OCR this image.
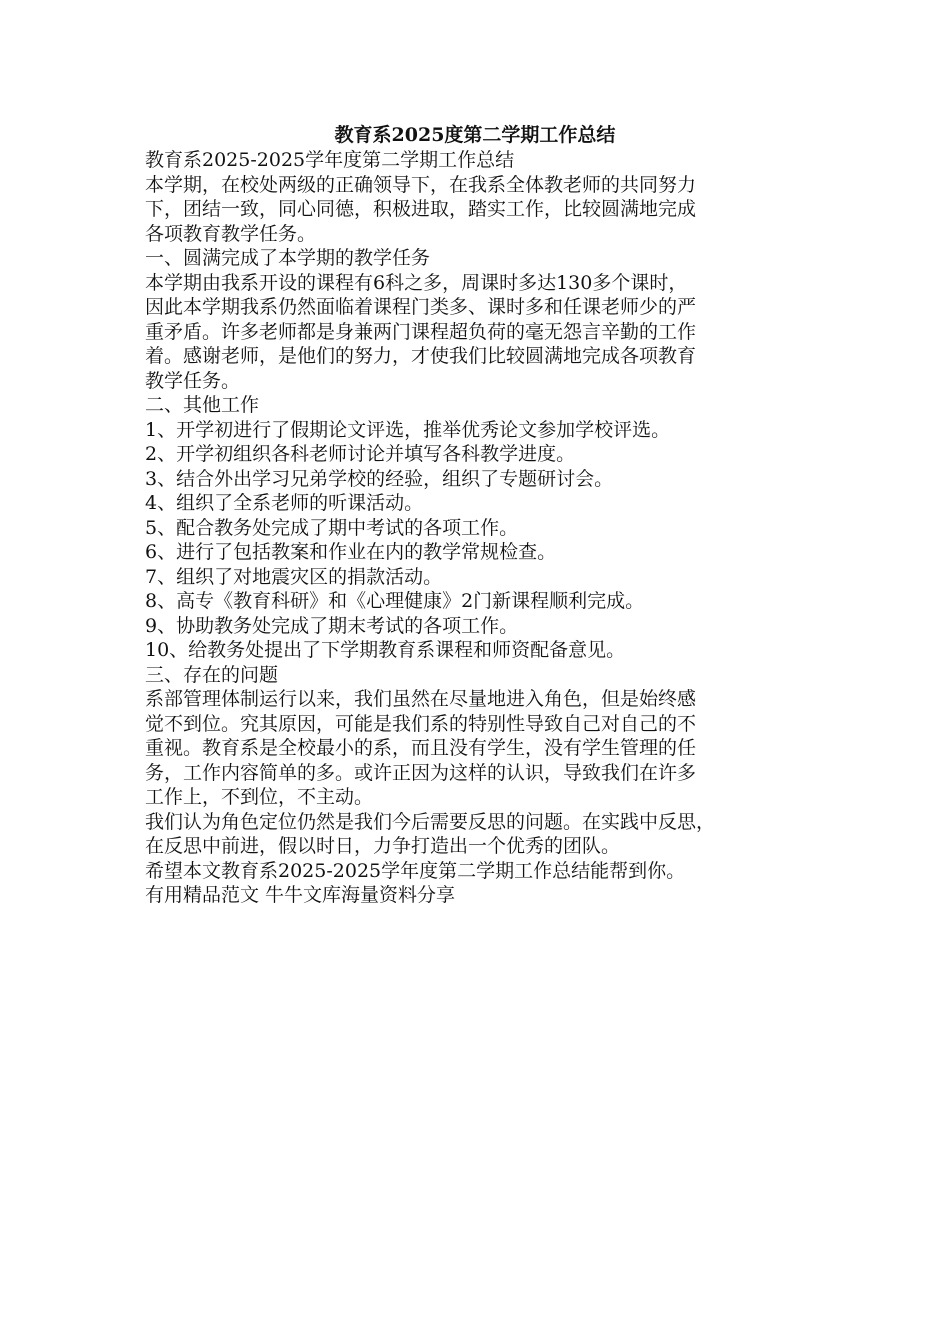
教育系2025度第二学期工作总结
教育系2025-2025学年度第二学期工作总结
本学期，在校处两级的正确领导下，在我系全体教老师的共同努力
下，团结一致，同心同德，积极进取，踏实工作，比较圆满地完成
各项教育教学任务。
一、圆满完成了本学期的教学任务
本学期由我系开设的课程有6科之多，周课时多达130多个课时，
因此本学期我系仍然面临着课程门类多、课时多和任课老师少的严
重矛盾。许多老师都是身兼两门课程超负荷的毫无怨言辛勤的工作
着。感谢老师，是他们的努力，才使我们比较圆满地完成各项教育
教学任务。
二、其他工作
1、开学初进行了假期论文评选，推举优秀论文参加学校评选。
2、开学初组织各科老师讨论并填写各科教学进度。
3、结合外出学习兄弟学校的经验，组织了专题研讨会。
4、组织了全系老师的听课活动。
5、配合教务处完成了期中考试的各项工作。
6、进行了包括教案和作业在内的教学常规检查。
7、组织了对地震灾区的捐款活动。
8、高专《教育科研》和《心理健康》2门新课程顺利完成。
9、协助教务处完成了期末考试的各项工作。
10、给教务处提出了下学期教育系课程和师资配备意见。
三、存在的问题
系部管理体制运行以来，我们虽然在尽量地进入角色，但是始终感
觉不到位。究其原因，可能是我们系的特别性导致自己对自己的不
重视。教育系是全校最小的系，而且没有学生，没有学生管理的任
务，工作内容简单的多。或许正因为这样的认识，导致我们在许多
工作上，不到位，不主动。
我们认为角色定位仍然是我们今后需要反思的问题。在实践中反思，
在反思中前进，假以时日，力争打造出一个优秀的团队。
希望本文教育系2025-2025学年度第二学期工作总结能帮到你。
有用精品范文 牛牛文库海量资料分享
